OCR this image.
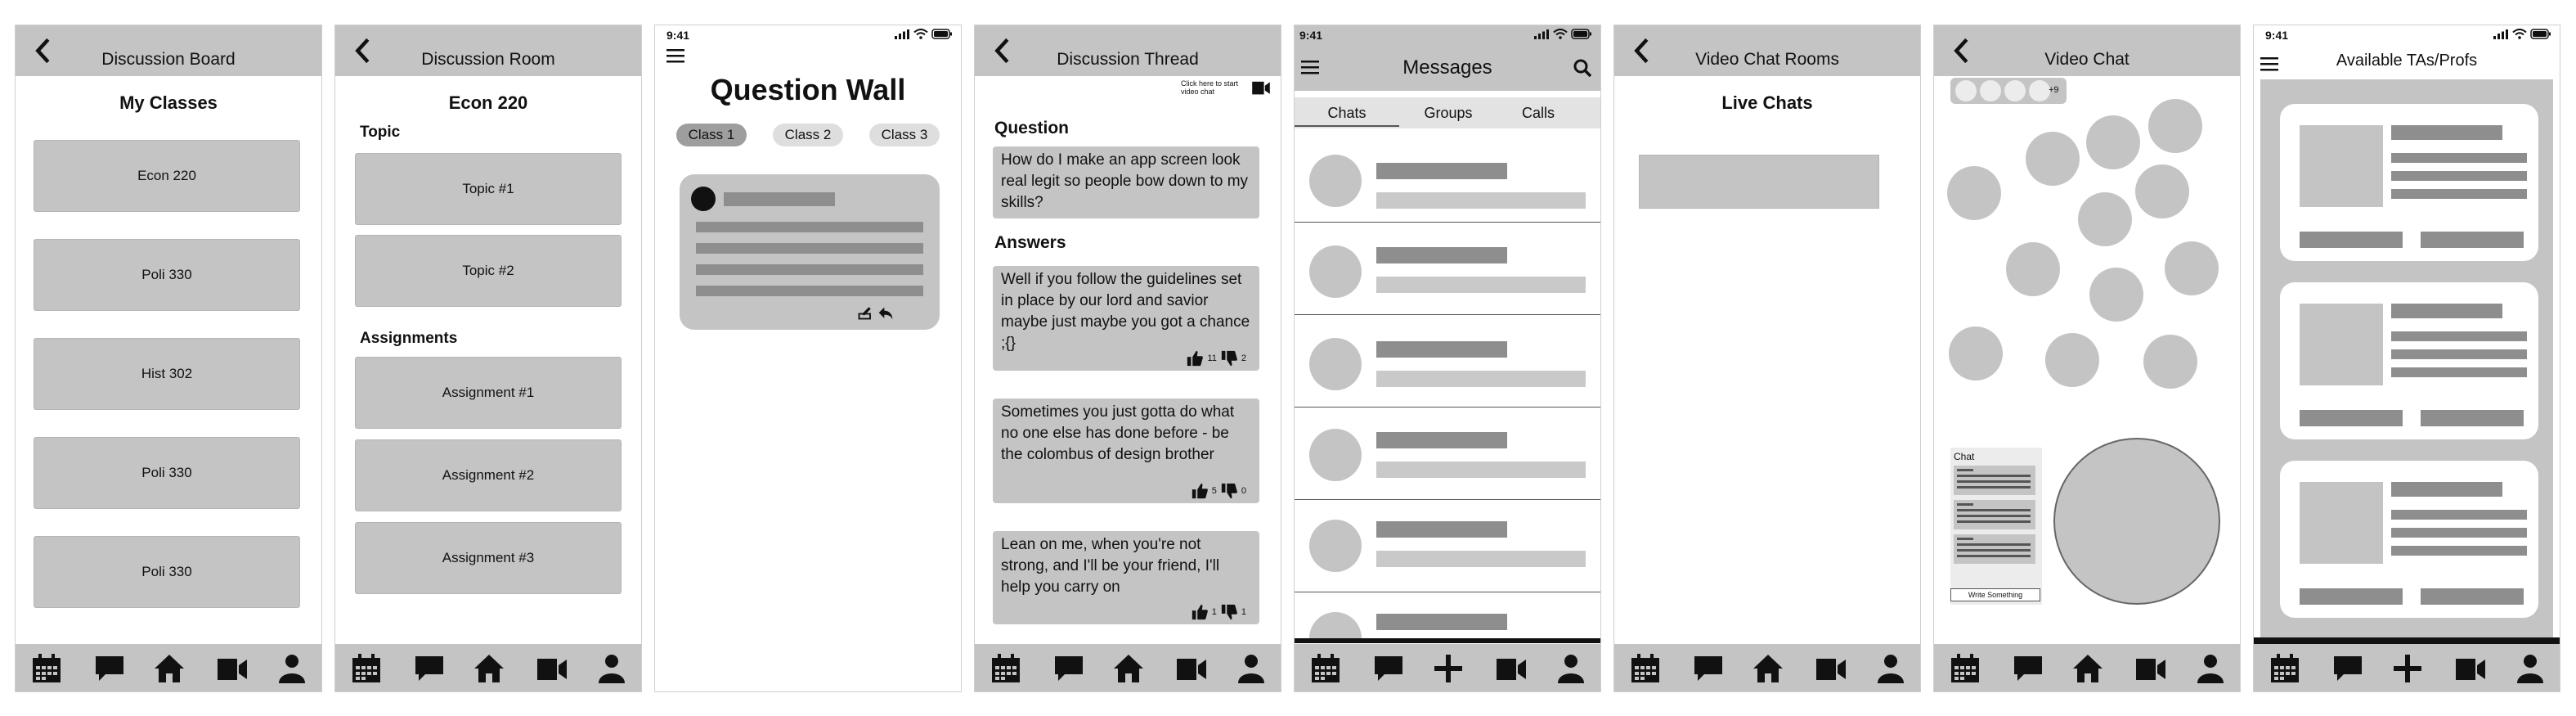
Discussion Board
My Classes
Econ 220
Poli 330
Hist 302
Poli 330
Poli 330
Discussion Room
Econ 220
Topic
Topic #1
Topic #2
Assignments
Assignment #1
Assignment #2
Assignment #3
9:41

Question Wall
Class 1	Class 2	Class 3
Discussion Thread
Click here to start video chat
Question
How do I make an app screen look real legit so people bow down to my skills?
Answers
Well if you follow the guidelines set in place by our lord and savior maybe just maybe you got a chance ;{}
11	2
Sometimes you just gotta do what no one else has done before - be the colombus of design brother
5	0
Lean on me, when you're not strong, and I'll be your friend, I'll help you carry on
1	1
9:41

Messages
Chats	Groups	Calls
Video Chat Rooms
Live Chats
Video Chat
+9
Chat
Write Something
9:41

Available TAs/Profs
